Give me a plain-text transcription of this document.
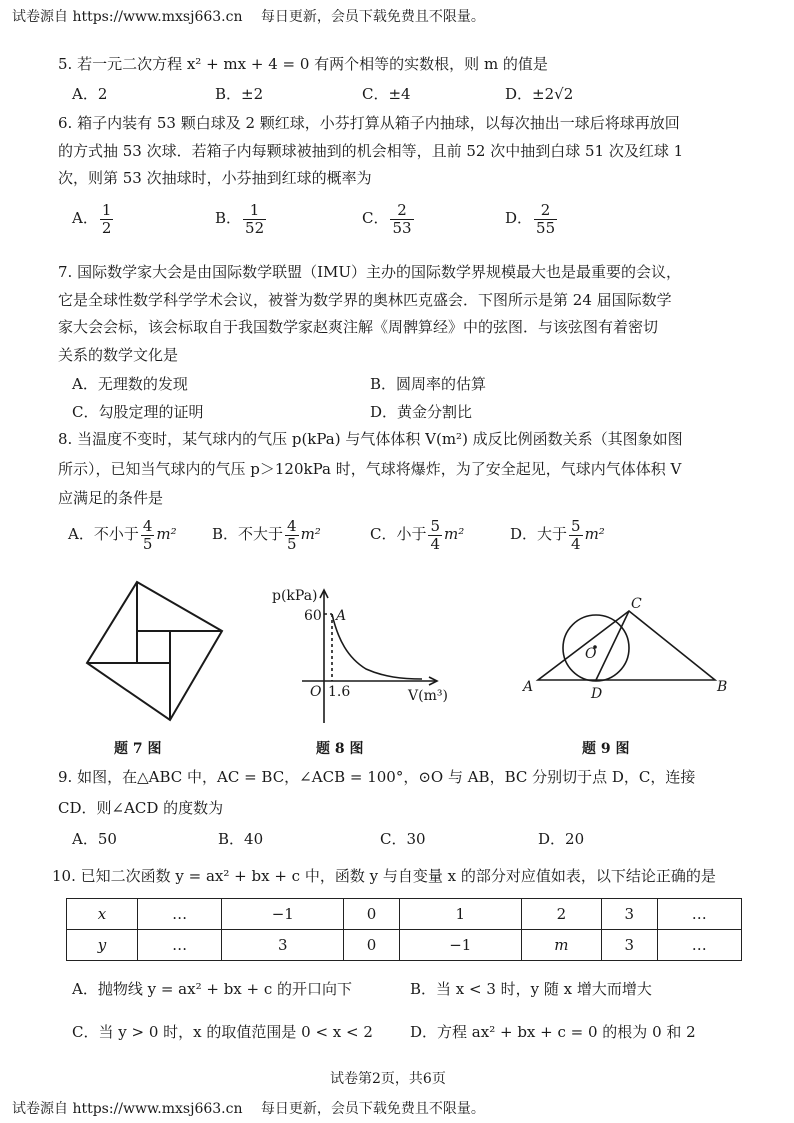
试卷源自 https://www.mxsj663.cn　 每日更新，会员下载免费且不限量。
5. 若一元二次方程 x² + mx + 4 = 0 有两个相等的实数根，则 m 的值是
A．2	B．±2	C．±4	D．±2√2
6. 箱子内装有 53 颗白球及 2 颗红球，小芬打算从箱子内抽球，以每次抽出一球后将球再放回
的方式抽 53 次球．若箱子内每颗球被抽到的机会相等，且前 52 次中抽到白球 51 次及红球 1
次，则第 53 次抽球时，小芬抽到红球的概率为
A． $\frac{1}{2}$	B． $\frac{1}{52}$	C． $\frac{2}{53}$	D． $\frac{2}{55}$
7. 国际数学家大会是由国际数学联盟（IMU）主办的国际数学界规模最大也是最重要的会议，
它是全球性数学科学学术会议，被誉为数学界的奥林匹克盛会．下图所示是第 24 届国际数学
家大会会标，该会标取自于我国数学家赵爽注解《周髀算经》中的弦图．与该弦图有着密切
关系的数学文化是
A．无理数的发现	B．圆周率的估算
C．勾股定理的证明	D．黄金分割比
8. 当温度不变时，某气球内的气压 p(kPa) 与气体体积 V(m²) 成反比例函数关系（其图象如图
所示），已知当气球内的气压 p＞120kPa 时，气球将爆炸，为了安全起见，气球内气体体积 V
应满足的条件是
A．不小于 $\frac{4}{5} m^2$ B．不大于 $\frac{4}{5} m^2$	C．小于 $\frac{5}{4} m^2$	D．大于 $\frac{5}{4} m^2$
题 7 图
p(kPa)
60 A
O 1.6	V(m³)
题 8 图
O
C
A	D	B
题 9 图
9. 如图，在△ABC 中，AC = BC，∠ACB = 100°，⊙O 与 AB，BC 分别切于点 D，C，连接
CD．则∠ACD 的度数为
A．50	B．40	C．30	D．20
10. 已知二次函数 y = ax² + bx + c 中，函数 y 与自变量 x 的部分对应值如表，以下结论正确的是
x	…	−1	0	1	2	3	…
y	…	3	0	−1	m	3	…
A．抛物线 y = ax² + bx + c 的开口向下	B．当 x < 3 时，y 随 x 增大而增大
C．当 y > 0 时，x 的取值范围是 0 < x < 2 D．方程 ax² + bx + c = 0 的根为 0 和 2
试卷第2页，共6页
试卷源自 https://www.mxsj663.cn　 每日更新，会员下载免费且不限量。
